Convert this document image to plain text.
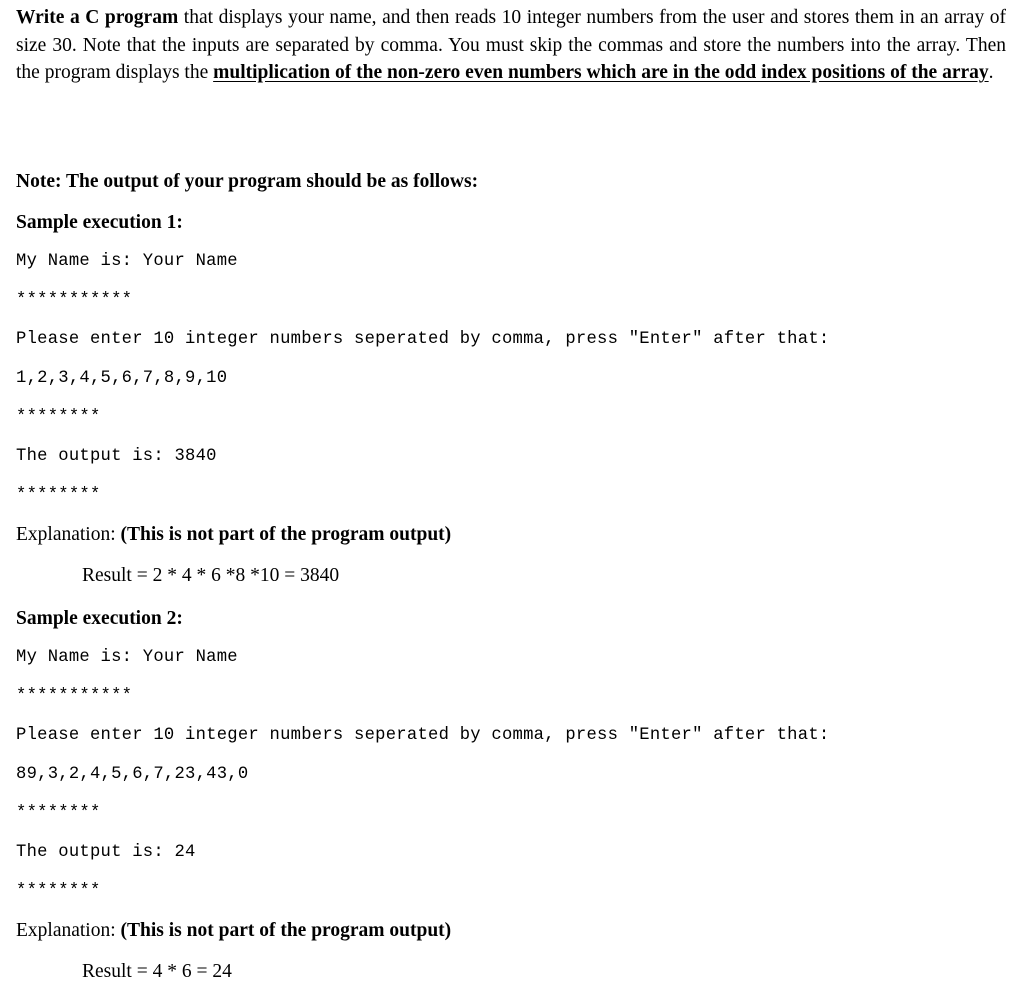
Write a C program that displays your name, and then reads 10 integer numbers from the user and stores them in an array of size 30. Note that the inputs are separated by comma. You must skip the commas and store the numbers into the array. Then the program displays the multiplication of the non-zero even numbers which are in the odd index positions of the array.
Note: The output of your program should be as follows:
Sample execution 1:
My Name is: Your Name
***********
Please enter 10 integer numbers seperated by comma, press "Enter" after that:
1,2,3,4,5,6,7,8,9,10
********
The output is: 3840
********
Explanation: (This is not part of the program output)
Result = 2 * 4 * 6 *8 *10 = 3840
Sample execution 2:
My Name is: Your Name
***********
Please enter 10 integer numbers seperated by comma, press "Enter" after that:
89,3,2,4,5,6,7,23,43,0
********
The output is: 24
********
Explanation: (This is not part of the program output)
Result = 4 * 6 = 24
